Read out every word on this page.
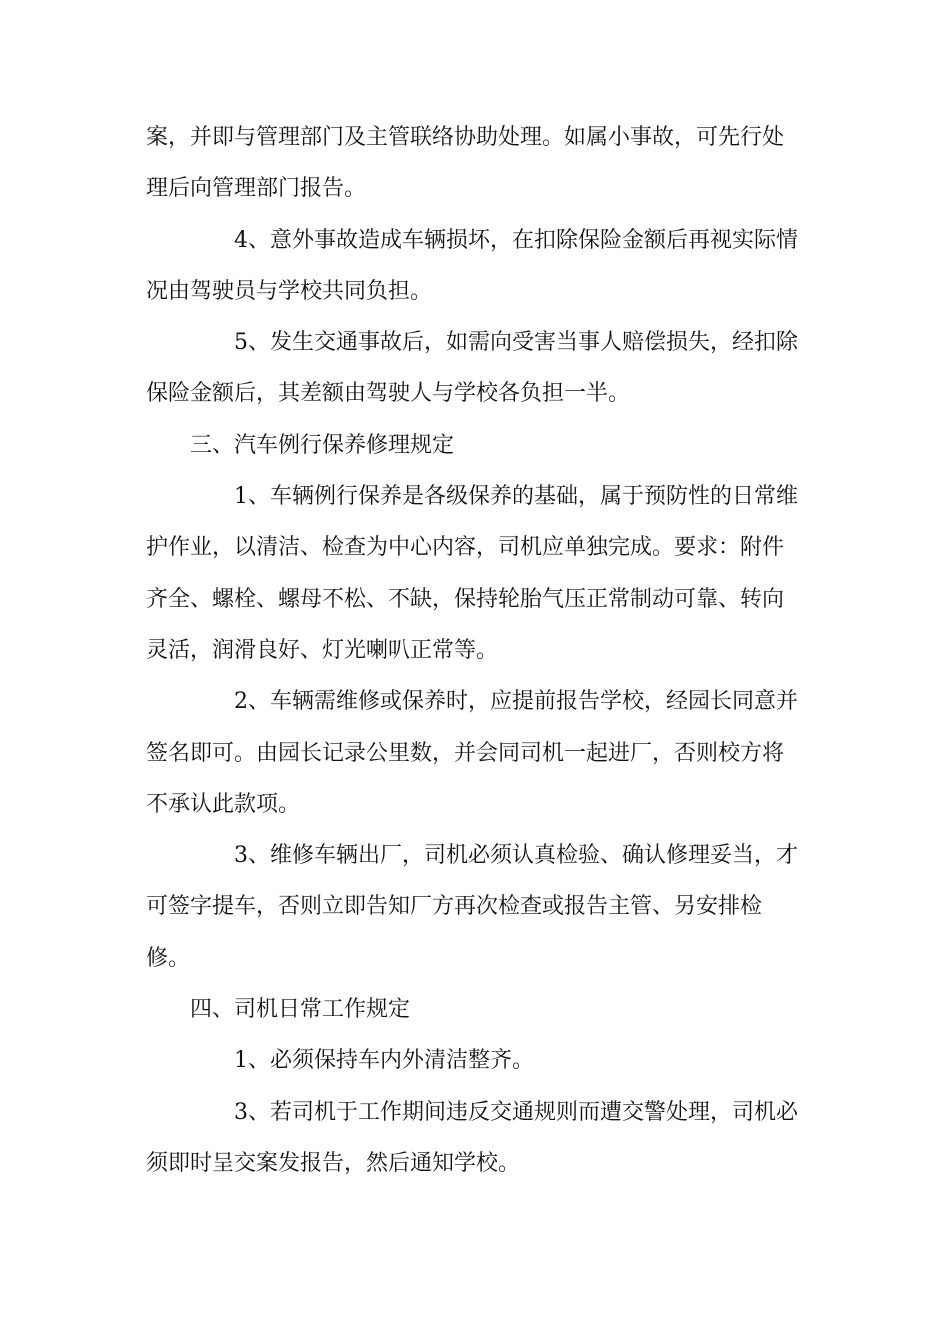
案，并即与管理部门及主管联络协助处理。如属小事故，可先行处
理后向管理部门报告。
4、意外事故造成车辆损坏，在扣除保险金额后再视实际情
况由驾驶员与学校共同负担。
5、发生交通事故后，如需向受害当事人赔偿损失，经扣除
保险金额后，其差额由驾驶人与学校各负担一半。
三、汽车例行保养修理规定
1、车辆例行保养是各级保养的基础，属于预防性的日常维
护作业，以清洁、检查为中心内容，司机应单独完成。要求：附件
齐全、螺栓、螺母不松、不缺，保持轮胎气压正常制动可靠、转向
灵活，润滑良好、灯光喇叭正常等。
2、车辆需维修或保养时，应提前报告学校，经园长同意并
签名即可。由园长记录公里数，并会同司机一起进厂，否则校方将
不承认此款项。
3、维修车辆出厂，司机必须认真检验、确认修理妥当，才
可签字提车，否则立即告知厂方再次检查或报告主管、另安排检
修。
四、司机日常工作规定
1、必须保持车内外清洁整齐。
3、若司机于工作期间违反交通规则而遭交警处理，司机必
须即时呈交案发报告，然后通知学校。
